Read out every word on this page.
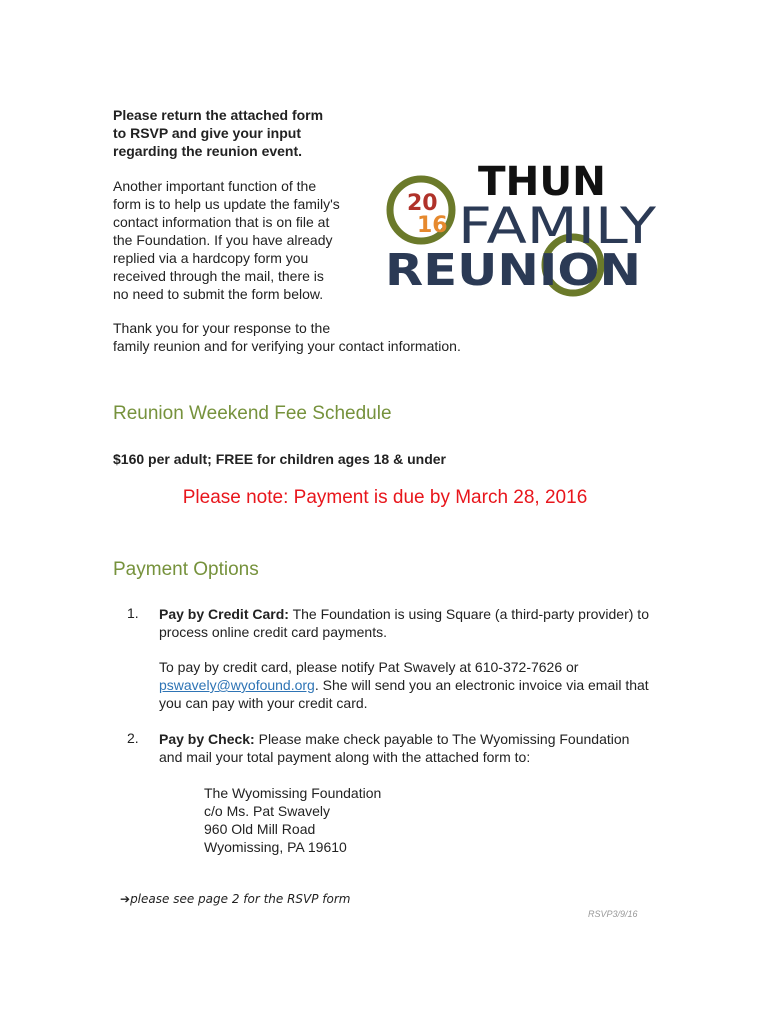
Please return the attached form
to RSVP and give your input
regarding the reunion event.
Another important function of the
form is to help us update the family's
contact information that is on file at
the Foundation. If you have already
replied via a hardcopy form you
received through the mail, there is
no need to submit the form below.
20
16
THUN
FAMILY
REUNION
Thank you for your response to the
family reunion and for verifying your contact information.
Reunion Weekend Fee Schedule
$160 per adult; FREE for children ages 18 & under
Please note: Payment is due by March 28, 2016
Payment Options
1. Pay by Credit Card: The Foundation is using Square (a third-party provider) to process online credit card payments.
To pay by credit card, please notify Pat Swavely at 610-372-7626 or pswavely@wyofound.org. She will send you an electronic invoice via email that you can pay with your credit card.
2. Pay by Check: Please make check payable to The Wyomissing Foundation and mail your total payment along with the attached form to:
The Wyomissing Foundation
c/o Ms. Pat Swavely
960 Old Mill Road
Wyomissing, PA 19610
➔please see page 2 for the RSVP form
RSVP3/9/16
